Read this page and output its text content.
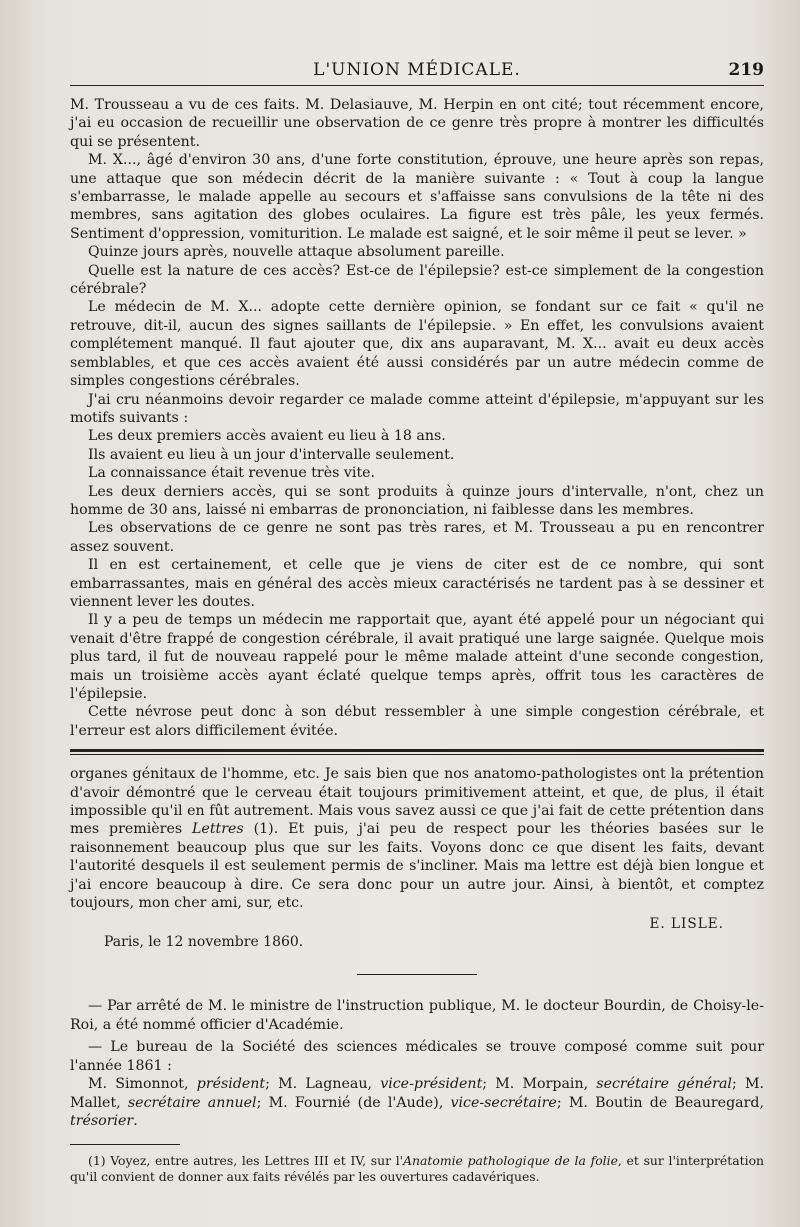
L'UNION MÉDICALE.	219

M. Trousseau a vu de ces faits. M. Delasiauve, M. Herpin en ont cité; tout récemment encore, j'ai eu occasion de recueillir une observation de ce genre très propre à montrer les difficultés qui se présentent.

M. X..., âgé d'environ 30 ans, d'une forte constitution, éprouve, une heure après son repas, une attaque que son médecin décrit de la manière suivante : « Tout à coup la langue s'embarrasse, le malade appelle au secours et s'affaisse sans convulsions de la tête ni des membres, sans agitation des globes oculaires. La figure est très pâle, les yeux fermés. Sentiment d'oppression, vomiturition. Le malade est saigné, et le soir même il peut se lever. »

Quinze jours après, nouvelle attaque absolument pareille.

Quelle est la nature de ces accès? Est-ce de l'épilepsie? est-ce simplement de la congestion cérébrale?

Le médecin de M. X... adopte cette dernière opinion, se fondant sur ce fait « qu'il ne retrouve, dit-il, aucun des signes saillants de l'épilepsie. » En effet, les convulsions avaient complétement manqué. Il faut ajouter que, dix ans auparavant, M. X... avait eu deux accès semblables, et que ces accès avaient été aussi considérés par un autre médecin comme de simples congestions cérébrales.

J'ai cru néanmoins devoir regarder ce malade comme atteint d'épilepsie, m'appuyant sur les motifs suivants :

Les deux premiers accès avaient eu lieu à 18 ans.

Ils avaient eu lieu à un jour d'intervalle seulement.

La connaissance était revenue très vite.

Les deux derniers accès, qui se sont produits à quinze jours d'intervalle, n'ont, chez un homme de 30 ans, laissé ni embarras de prononciation, ni faiblesse dans les membres.

Les observations de ce genre ne sont pas très rares, et M. Trousseau a pu en rencontrer assez souvent.

Il en est certainement, et celle que je viens de citer est de ce nombre, qui sont embarrassantes, mais en général des accès mieux caractérisés ne tardent pas à se dessiner et viennent lever les doutes.

Il y a peu de temps un médecin me rapportait que, ayant été appelé pour un négociant qui venait d'être frappé de congestion cérébrale, il avait pratiqué une large saignée. Quelque mois plus tard, il fut de nouveau rappelé pour le même malade atteint d'une seconde congestion, mais un troisième accès ayant éclaté quelque temps après, offrit tous les caractères de l'épilepsie.

Cette névrose peut donc à son début ressembler à une simple congestion cérébrale, et l'erreur est alors difficilement évitée.

organes génitaux de l'homme, etc. Je sais bien que nos anatomo-pathologistes ont la prétention d'avoir démontré que le cerveau était toujours primitivement atteint, et que, de plus, il était impossible qu'il en fût autrement. Mais vous savez aussi ce que j'ai fait de cette prétention dans mes premières Lettres (1). Et puis, j'ai peu de respect pour les théories basées sur le raisonnement beaucoup plus que sur les faits. Voyons donc ce que disent les faits, devant l'autorité desquels il est seulement permis de s'incliner. Mais ma lettre est déjà bien longue et j'ai encore beaucoup à dire. Ce sera donc pour un autre jour. Ainsi, à bientôt, et comptez toujours, mon cher ami, sur, etc.

E. LISLE.
Paris, le 12 novembre 1860.

— Par arrêté de M. le ministre de l'instruction publique, M. le docteur Bourdin, de Choisy-le-Roi, a été nommé officier d'Académie.

— Le bureau de la Société des sciences médicales se trouve composé comme suit pour l'année 1861 :

M. Simonnot, président; M. Lagneau, vice-président; M. Morpain, secrétaire général; M. Mallet, secrétaire annuel; M. Fournié (de l'Aude), vice-secrétaire; M. Boutin de Beauregard, trésorier.

(1) Voyez, entre autres, les Lettres III et IV, sur l'Anatomie pathologique de la folie, et sur l'interprétation qu'il convient de donner aux faits révélés par les ouvertures cadavériques.
